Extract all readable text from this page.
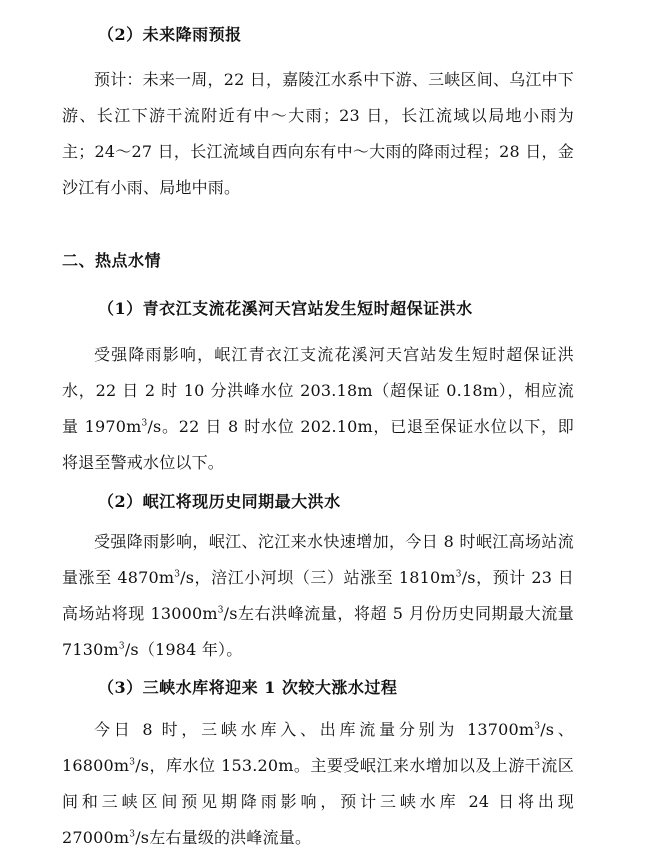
（2）未来降雨预报
预计：未来一周，22 日，嘉陵江水系中下游、三峡区间、乌江中下游、长江下游干流附近有中～大雨；23 日，长江流域以局地小雨为主；24～27 日，长江流域自西向东有中～大雨的降雨过程；28 日，金沙江有小雨、局地中雨。
二、热点水情
（1）青衣江支流花溪河天宫站发生短时超保证洪水
受强降雨影响，岷江青衣江支流花溪河天宫站发生短时超保证洪水，22 日 2 时 10 分洪峰水位 203.18m（超保证 0.18m），相应流量 $1970m^3/s$。22 日 8 时水位 202.10m，已退至保证水位以下，即将退至警戒水位以下。
（2）岷江将现历史同期最大洪水
受强降雨影响，岷江、沱江来水快速增加，今日 8 时岷江高场站流量涨至 $4870m^3/s$，涪江小河坝（三）站涨至 $1810m^3/s$，预计 23 日高场站将现 $13000m^3/s$左右洪峰流量，将超 5 月份历史同期最大流量 $7130m^3/s(1984$ 年）。
（3）三峡水库将迎来 1 次较大涨水过程
今日 8 时，三峡水库入、出库流量分别为 $13700m^3/s$、$16800m^3/s$，库水位 153.20m。主要受岷江来水增加以及上游干流区间和三峡区间预见期降雨影响，预计三峡水库 24 日将出现 $27000m^3/s$左右量级的洪峰流量。
